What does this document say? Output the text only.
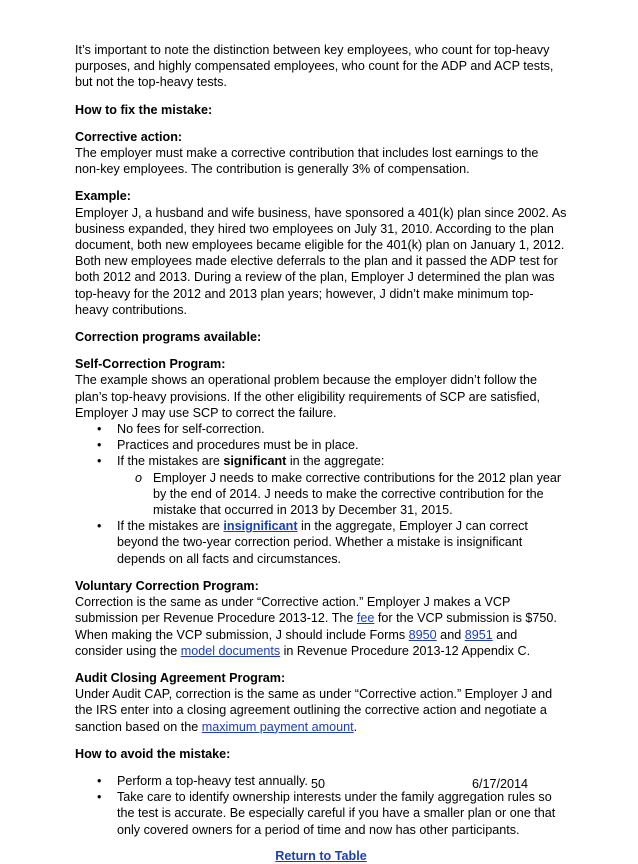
It’s important to note the distinction between key employees, who count for top-heavy purposes, and highly compensated employees, who count for the ADP and ACP tests, but not the top-heavy tests.

How to fix the mistake:

Corrective action:

The employer must make a corrective contribution that includes lost earnings to the non-key employees. The contribution is generally 3% of compensation.

Example:

Employer J, a husband and wife business, have sponsored a 401(k) plan since 2002. As business expanded, they hired two employees on July 31, 2010. According to the plan document, both new employees became eligible for the 401(k) plan on January 1, 2012. Both new employees made elective deferrals to the plan and it passed the ADP test for both 2012 and 2013. During a review of the plan, Employer J determined the plan was top-heavy for the 2012 and 2013 plan years; however, J didn’t make minimum top-heavy contributions.

Correction programs available:

Self-Correction Program:

The example shows an operational problem because the employer didn’t follow the plan’s top-heavy provisions. If the other eligibility requirements of SCP are satisfied, Employer J may use SCP to correct the failure.

• No fees for self-correction.
• Practices and procedures must be in place.
• If the mistakes are significant in the aggregate:
o Employer J needs to make corrective contributions for the 2012 plan year by the end of 2014. J needs to make the corrective contribution for the mistake that occurred in 2013 by December 31, 2015.
• If the mistakes are insignificant in the aggregate, Employer J can correct beyond the two-year correction period. Whether a mistake is insignificant depends on all facts and circumstances.

Voluntary Correction Program:

Correction is the same as under “Corrective action.” Employer J makes a VCP submission per Revenue Procedure 2013-12. The fee for the VCP submission is $750. When making the VCP submission, J should include Forms 8950 and 8951 and consider using the model documents in Revenue Procedure 2013-12 Appendix C.

Audit Closing Agreement Program:

Under Audit CAP, correction is the same as under “Corrective action.” Employer J and the IRS enter into a closing agreement outlining the corrective action and negotiate a sanction based on the maximum payment amount.

How to avoid the mistake:

• Perform a top-heavy test annually.
• Take care to identify ownership interests under the family aggregation rules so the test is accurate. Be especially careful if you have a smaller plan or one that only covered owners for a period of time and now has other participants.

Return to Table

50	6/17/2014
